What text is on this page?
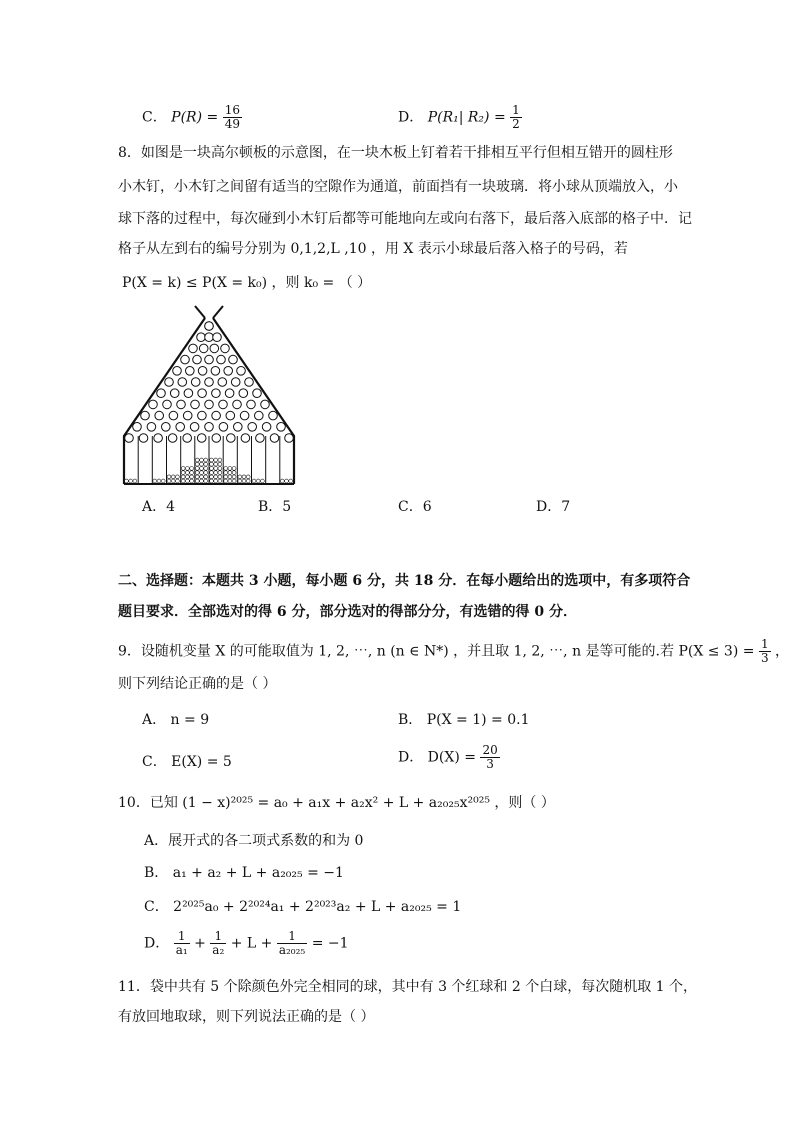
C． $P(R) = \frac{16}{49}$	D． P(R₁| $R_2) = \frac{1}{2}$
8．如图是一块高尔顿板的示意图，在一块木板上钉着若干排相互平行但相互错开的圆柱形
小木钉，小木钉之间留有适当的空隙作为通道，前面挡有一块玻璃．将小球从顶端放入，小
球下落的过程中，每次碰到小木钉后都等可能地向左或向右落下，最后落入底部的格子中．记
格子从左到右的编号分别为 0,1,2,L ,10 ，用 X 表示小球最后落入格子的号码，若
P(X = k) ≤ P(X = k₀) ，则 k₀ = （ ）
A．4	B．5	C．6	D．7
二、选择题：本题共 3 小题，每小题 6 分，共 18 分．在每小题给出的选项中，有多项符合
题目要求．全部选对的得 6 分，部分选对的得部分分，有选错的得 0 分．
9．设随机变量 X 的可能取值为 1, 2, ⋯, n (n ∈ N*) ，并且取 1, 2, ⋯, n 是等可能的.若 $P(X \le 3) = \frac{1}{3}$ ，
则下列结论正确的是（ ）
A． n = 9	B． P(X = 1) = 0.1
C． E(X) = 5	D． $D(X) = \frac{20}{3}$
10．已知 (1 − x)²⁰²⁵ = a₀ + a₁x + a₂x² + L + a₂₀₂₅x²⁰²⁵ ，则（ ）
A．展开式的各二项式系数的和为 0
B． a₁ + a₂ + L + a₂₀₂₅ = −1
C． 2²⁰²⁵a₀ + 2²⁰²⁴a₁ + 2²⁰²³a₂ + L + a₂₀₂₅ = 1
D． $\frac{1}{\text{a₁}} + \frac{1}{\text{a₂}} + L + \frac{1}{\text{a₂₀₂₅}} = -1$
11．袋中共有 5 个除颜色外完全相同的球，其中有 3 个红球和 2 个白球，每次随机取 1 个，
有放回地取球，则下列说法正确的是（ ）
